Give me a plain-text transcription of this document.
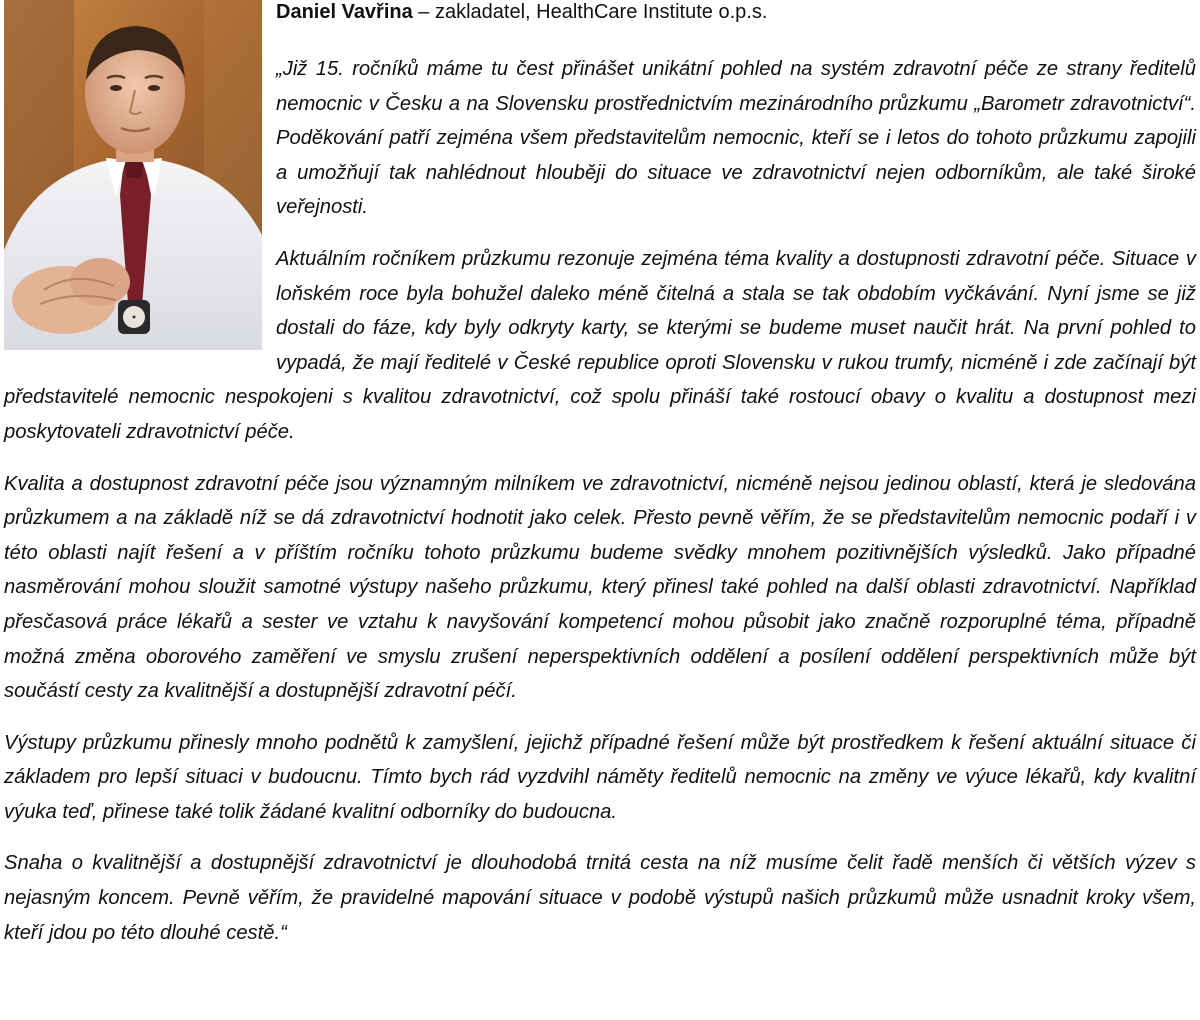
Daniel Vavřina – zakladatel, HealthCare Institute o.p.s.

„Již 15. ročníků máme tu čest přinášet unikátní pohled na systém zdravotní péče ze strany ředitelů nemocnic v Česku a na Slovensku prostřednictvím mezinárodního průzkumu „Barometr zdravotnictví“. Poděkování patří zejména všem představitelům nemocnic, kteří se i letos do tohoto průzkumu zapojili a umožňují tak nahlédnout hlouběji do situace ve zdravotnictví nejen odborníkům, ale také široké veřejnosti.

Aktuálním ročníkem průzkumu rezonuje zejména téma kvality a dostupnosti zdravotní péče. Situace v loňském roce byla bohužel daleko méně čitelná a stala se tak obdobím vyčkávání. Nyní jsme se již dostali do fáze, kdy byly odkryty karty, se kterými se budeme muset naučit hrát. Na první pohled to vypadá, že mají ředitelé v České republice oproti Slovensku v rukou trumfy, nicméně i zde začínají být představitelé nemocnic nespokojeni s kvalitou zdravotnictví, což spolu přináší také rostoucí obavy o kvalitu a dostupnost mezi poskytovateli zdravotnictví péče.

Kvalita a dostupnost zdravotní péče jsou významným milníkem ve zdravotnictví, nicméně nejsou jedinou oblastí, která je sledována průzkumem a na základě níž se dá zdravotnictví hodnotit jako celek. Přesto pevně věřím, že se představitelům nemocnic podaří i v této oblasti najít řešení a v příštím ročníku tohoto průzkumu budeme svědky mnohem pozitivnějších výsledků. Jako případné nasměrování mohou sloužit samotné výstupy našeho průzkumu, který přinesl také pohled na další oblasti zdravotnictví. Například přesčasová práce lékařů a sester ve vztahu k navyšování kompetencí mohou působit jako značně rozporuplné téma, případně možná změna oborového zaměření ve smyslu zrušení neperspektivních oddělení a posílení oddělení perspektivních může být součástí cesty za kvalitnější a dostupnější zdravotní péčí.

Výstupy průzkumu přinesly mnoho podnětů k zamyšlení, jejichž případné řešení může být prostředkem k řešení aktuální situace či základem pro lepší situaci v budoucnu. Tímto bych rád vyzdvihl náměty ředitelů nemocnic na změny ve výuce lékařů, kdy kvalitní výuka teď, přinese také tolik žádané kvalitní odborníky do budoucna.

Snaha o kvalitnější a dostupnější zdravotnictví je dlouhodobá trnitá cesta na níž musíme čelit řadě menších či větších výzev s nejasným koncem. Pevně věřím, že pravidelné mapování situace v podobě výstupů našich průzkumů může usnadnit kroky všem, kteří jdou po této dlouhé cestě.“
